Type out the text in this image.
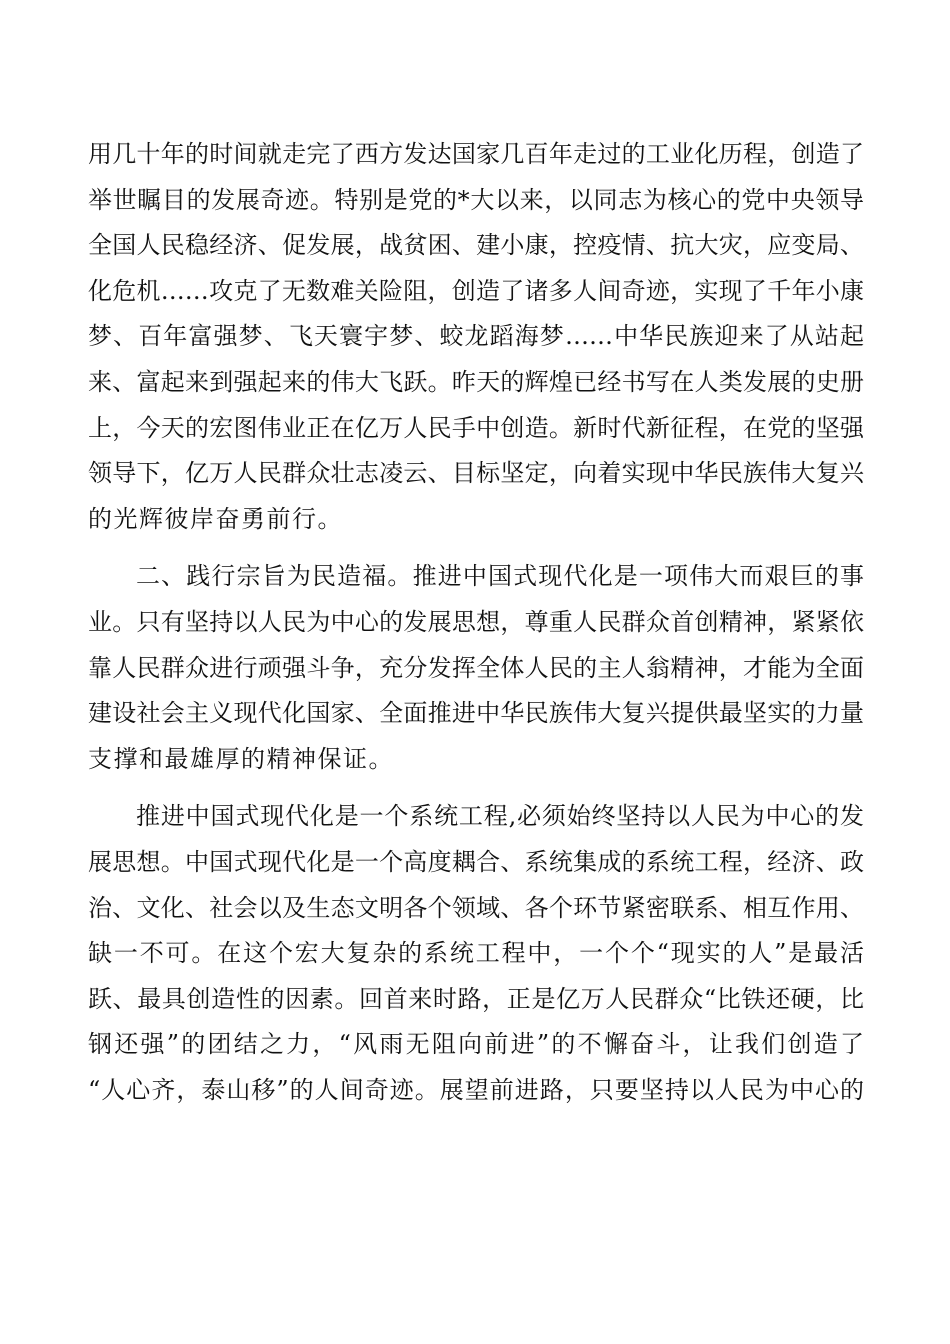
用几十年的时间就走完了西方发达国家几百年走过的工业化历程，创造了
举世瞩目的发展奇迹。特别是党的*大以来，以同志为核心的党中央领导
全国人民稳经济、促发展，战贫困、建小康，控疫情、抗大灾，应变局、
化危机……攻克了无数难关险阻，创造了诸多人间奇迹，实现了千年小康
梦、百年富强梦、飞天寰宇梦、蛟龙蹈海梦……中华民族迎来了从站起
来、富起来到强起来的伟大飞跃。昨天的辉煌已经书写在人类发展的史册
上，今天的宏图伟业正在亿万人民手中创造。新时代新征程，在党的坚强
领导下，亿万人民群众壮志凌云、目标坚定，向着实现中华民族伟大复兴
的光辉彼岸奋勇前行。
二、践行宗旨为民造福。推进中国式现代化是一项伟大而艰巨的事
业。只有坚持以人民为中心的发展思想，尊重人民群众首创精神，紧紧依
靠人民群众进行顽强斗争，充分发挥全体人民的主人翁精神，才能为全面
建设社会主义现代化国家、全面推进中华民族伟大复兴提供最坚实的力量
支撑和最雄厚的精神保证。
推进中国式现代化是一个系统工程,必须始终坚持以人民为中心的发
展思想。中国式现代化是一个高度耦合、系统集成的系统工程，经济、政
治、文化、社会以及生态文明各个领域、各个环节紧密联系、相互作用、
缺一不可。在这个宏大复杂的系统工程中，一个个“现实的人”是最活
跃、最具创造性的因素。回首来时路，正是亿万人民群众“比铁还硬，比
钢还强”的团结之力，“风雨无阻向前进”的不懈奋斗，让我们创造了
“人心齐，泰山移”的人间奇迹。展望前进路，只要坚持以人民为中心的
